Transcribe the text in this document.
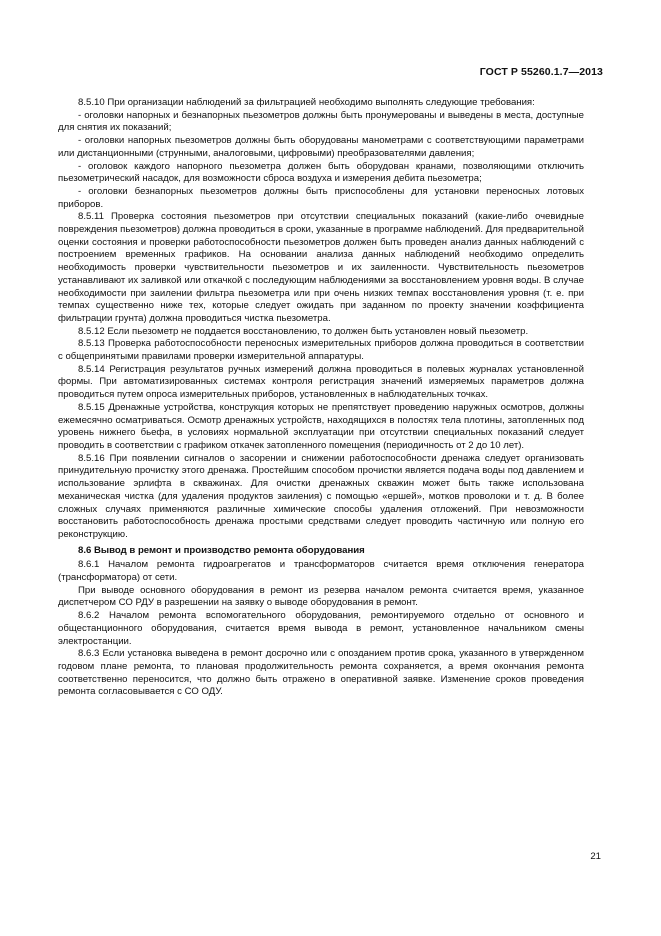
ГОСТ Р 55260.1.7—2013

8.5.10 При организации наблюдений за фильтрацией необходимо выполнять следующие требования:

- оголовки напорных и безнапорных пьезометров должны быть пронумерованы и выведены в места, доступные для снятия их показаний;

- оголовки напорных пьезометров должны быть оборудованы манометрами с соответствующими параметрами или дистанционными (струнными, аналоговыми, цифровыми) преобразователями давления;

- оголовок каждого напорного пьезометра должен быть оборудован кранами, позволяющими отключить пьезометрический насадок, для возможности сброса воздуха и измерения дебита пьезометра;

- оголовки безнапорных пьезометров должны быть приспособлены для установки переносных лотовых приборов.

8.5.11 Проверка состояния пьезометров при отсутствии специальных показаний (какие-либо очевидные повреждения пьезометров) должна проводиться в сроки, указанные в программе наблюдений. Для предварительной оценки состояния и проверки работоспособности пьезометров должен быть проведен анализ данных наблюдений с построением временных графиков. На основании анализа данных наблюдений необходимо определить необходимость проверки чувствительности пьезометров и их заиленности. Чувствительность пьезометров устанавливают их заливкой или откачкой с последующим наблюдениями за восстановлением уровня воды. В случае необходимости при заилении фильтра пьезометра или при очень низких темпах восстановления уровня (т. е. при темпах существенно ниже тех, которые следует ожидать при заданном по проекту значении коэффициента фильтрации грунта) должна проводиться чистка пьезометра.

8.5.12 Если пьезометр не поддается восстановлению, то должен быть установлен новый пьезометр.

8.5.13 Проверка работоспособности переносных измерительных приборов должна проводиться в соответствии с общепринятыми правилами проверки измерительной аппаратуры.

8.5.14 Регистрация результатов ручных измерений должна проводиться в полевых журналах установленной формы. При автоматизированных системах контроля регистрация значений измеряемых параметров должна проводиться путем опроса измерительных приборов, установленных в наблюдательных точках.

8.5.15 Дренажные устройства, конструкция которых не препятствует проведению наружных осмотров, должны ежемесячно осматриваться. Осмотр дренажных устройств, находящихся в полостях тела плотины, затопленных под уровень нижнего бьефа, в условиях нормальной эксплуатации при отсутствии специальных показаний следует проводить в соответствии с графиком откачек затопленного помещения (периодичность от 2 до 10 лет).

8.5.16 При появлении сигналов о засорении и снижении работоспособности дренажа следует организовать принудительную прочистку этого дренажа. Простейшим способом прочистки является подача воды под давлением и использование эрлифта в скважинах. Для очистки дренажных скважин может быть также использована механическая чистка (для удаления продуктов заиления) с помощью «ершей», мотков проволоки и т. д. В более сложных случаях применяются различные химические способы удаления отложений. При невозможности восстановить работоспособность дренажа простыми средствами следует проводить частичную или полную его реконструкцию.

8.6 Вывод в ремонт и производство ремонта оборудования

8.6.1 Началом ремонта гидроагрегатов и трансформаторов считается время отключения генератора (трансформатора) от сети.

При выводе основного оборудования в ремонт из резерва началом ремонта считается время, указанное диспетчером СО РДУ в разрешении на заявку о выводе оборудования в ремонт.

8.6.2 Началом ремонта вспомогательного оборудования, ремонтируемого отдельно от основного и общестанционного оборудования, считается время вывода в ремонт, установленное начальником смены электростанции.

8.6.3 Если установка выведена в ремонт досрочно или с опозданием против срока, указанного в утвержденном годовом плане ремонта, то плановая продолжительность ремонта сохраняется, а время окончания ремонта соответственно переносится, что должно быть отражено в оперативной заявке. Изменение сроков проведения ремонта согласовывается с СО ОДУ.

21
